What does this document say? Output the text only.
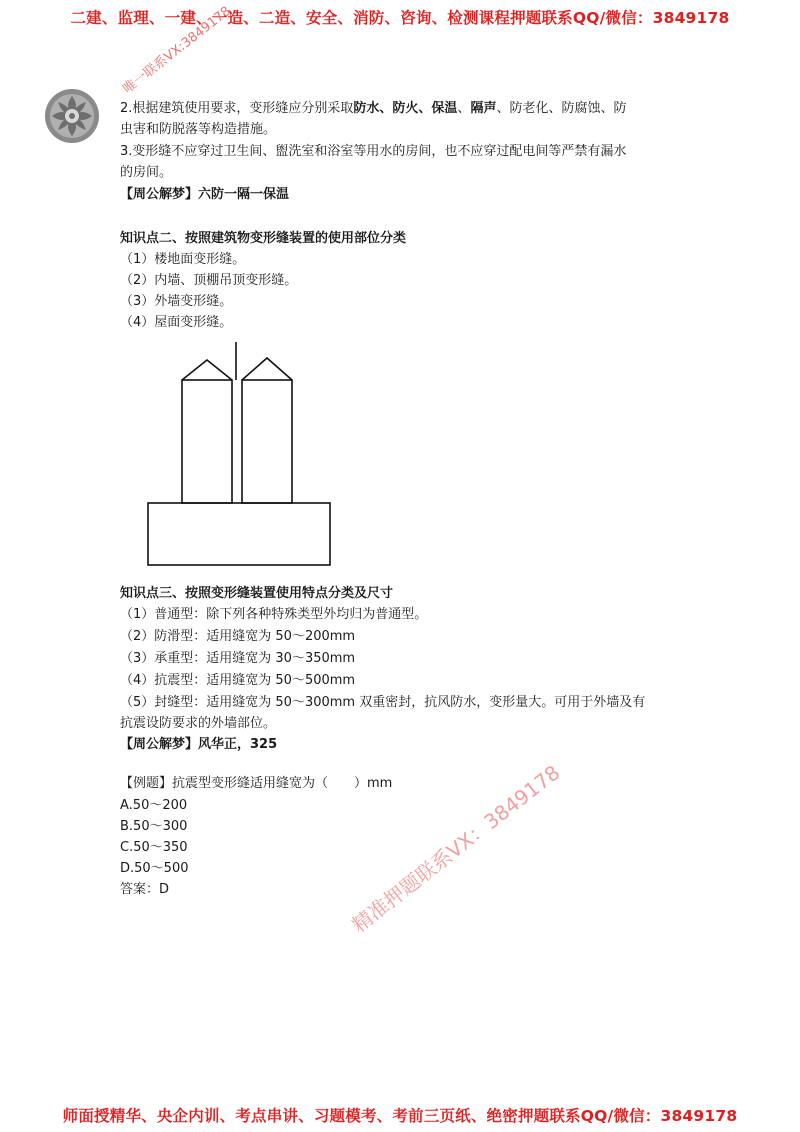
二建、监理、一建、一造、二造、安全、消防、咨询、检测课程押题联系QQ/微信：3849178
唯一联系VX:3849178
2.根据建筑使用要求，变形缝应分别采取防水、防火、保温、隔声、防老化、防腐蚀、防
虫害和防脱落等构造措施。
3.变形缝不应穿过卫生间、盥洗室和浴室等用水的房间，也不应穿过配电间等严禁有漏水
的房间。
【周公解梦】六防一隔一保温
知识点二、按照建筑物变形缝装置的使用部位分类
（1）楼地面变形缝。
（2）内墙、顶棚吊顶变形缝。
（3）外墙变形缝。
（4）屋面变形缝。
知识点三、按照变形缝装置使用特点分类及尺寸
（1）普通型：除下列各种特殊类型外均归为普通型。
（2）防滑型：适用缝宽为 50～200mm
（3）承重型：适用缝宽为 30～350mm
（4）抗震型：适用缝宽为 50～500mm
（5）封缝型：适用缝宽为 50～300mm 双重密封，抗风防水，变形量大。可用于外墙及有
抗震设防要求的外墙部位。
【周公解梦】风华正，325
【例题】抗震型变形缝适用缝宽为（　　）mm
A.50～200
B.50～300
C.50～350
D.50～500
答案：D	精准押题联系VX：3849178
师面授精华、央企内训、考点串讲、习题模考、考前三页纸、绝密押题联系QQ/微信：3849178
